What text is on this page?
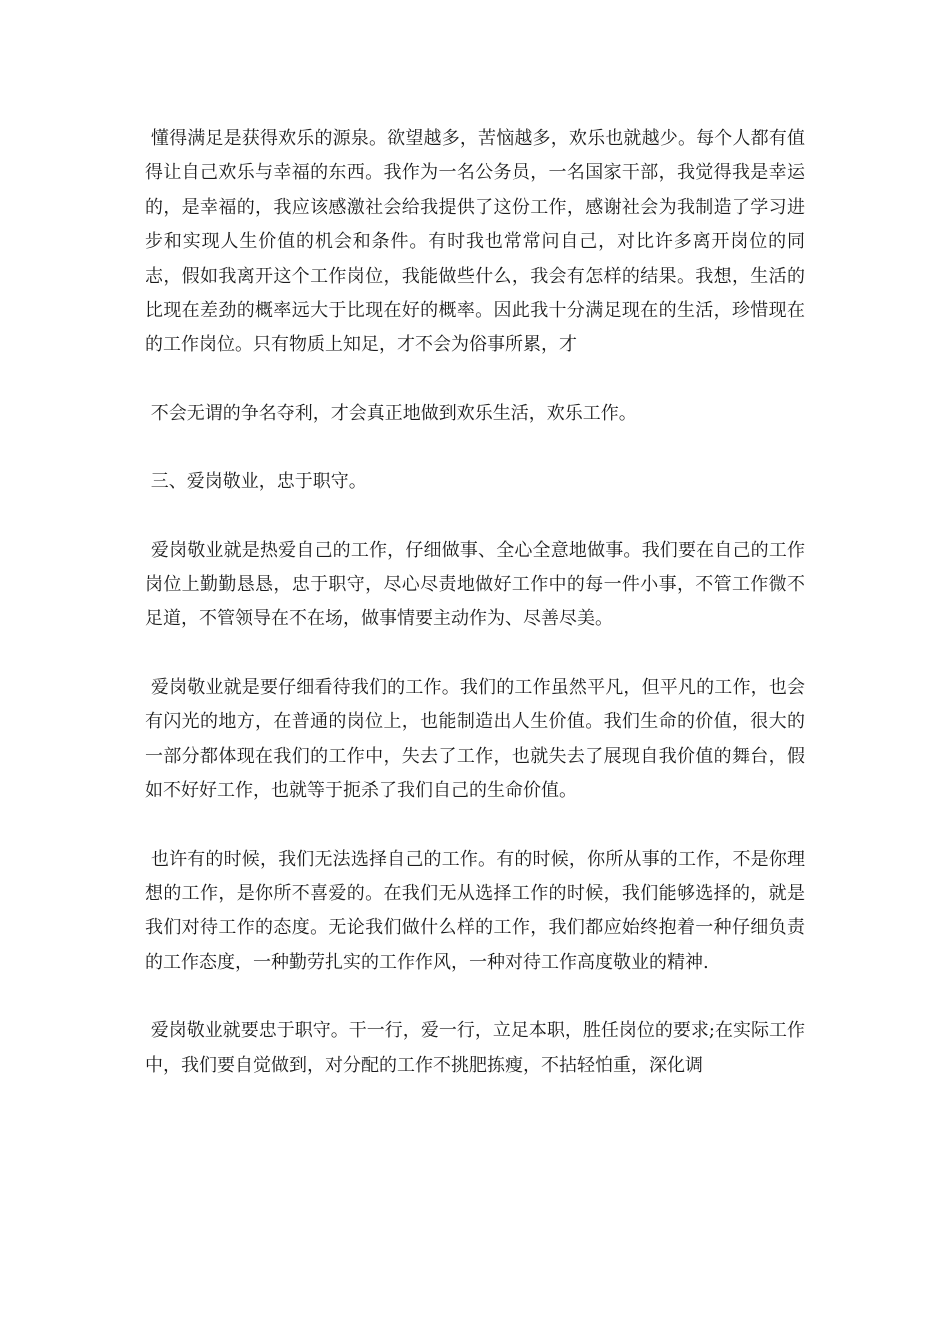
懂得满足是获得欢乐的源泉。欲望越多，苦恼越多，欢乐也就越少。每个人都有值得让自己欢乐与幸福的东西。我作为一名公务员，一名国家干部，我觉得我是幸运的，是幸福的，我应该感激社会给我提供了这份工作，感谢社会为我制造了学习进步和实现人生价值的机会和条件。有时我也常常问自己，对比许多离开岗位的同志，假如我离开这个工作岗位，我能做些什么，我会有怎样的结果。我想，生活的比现在差劲的概率远大于比现在好的概率。因此我十分满足现在的生活，珍惜现在的工作岗位。只有物质上知足，才不会为俗事所累，才

不会无谓的争名夺利，才会真正地做到欢乐生活，欢乐工作。

三、爱岗敬业，忠于职守。

爱岗敬业就是热爱自己的工作，仔细做事、全心全意地做事。我们要在自己的工作岗位上勤勤恳恳，忠于职守，尽心尽责地做好工作中的每一件小事，不管工作微不足道，不管领导在不在场，做事情要主动作为、尽善尽美。

爱岗敬业就是要仔细看待我们的工作。我们的工作虽然平凡，但平凡的工作，也会有闪光的地方，在普通的岗位上，也能制造出人生价值。我们生命的价值，很大的一部分都体现在我们的工作中，失去了工作，也就失去了展现自我价值的舞台，假如不好好工作，也就等于扼杀了我们自己的生命价值。

也许有的时候，我们无法选择自己的工作。有的时候，你所从事的工作，不是你理想的工作，是你所不喜爱的。在我们无从选择工作的时候，我们能够选择的，就是我们对待工作的态度。无论我们做什么样的工作，我们都应始终抱着一种仔细负责的工作态度，一种勤劳扎实的工作作风，一种对待工作高度敬业的精神.

爱岗敬业就要忠于职守。干一行，爱一行，立足本职，胜任岗位的要求;在实际工作中，我们要自觉做到，对分配的工作不挑肥拣瘦，不拈轻怕重，深化调
